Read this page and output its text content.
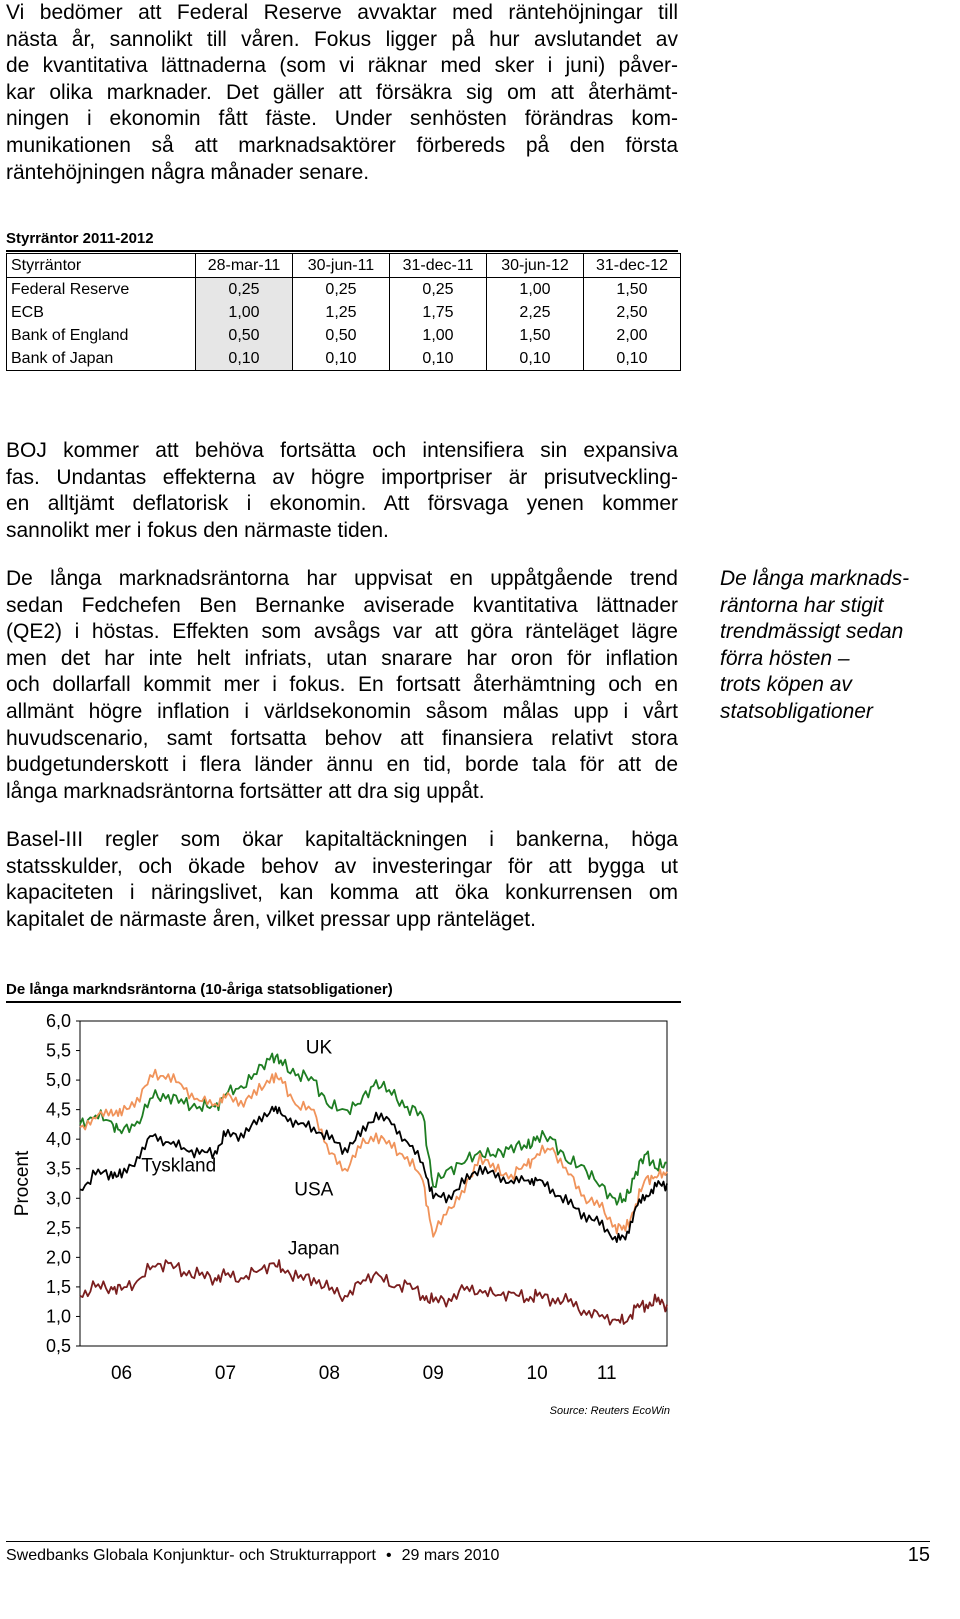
Vi bedömer att Federal Reserve avvaktar med räntehöjningar till
nästa år, sannolikt till våren. Fokus ligger på hur avslutandet av
de kvantitativa lättnaderna (som vi räknar med sker i juni) påver-
kar olika marknader. Det gäller att försäkra sig om att återhämt-
ningen i ekonomin fått fäste. Under senhösten förändras kom-
munikationen så att marknadsaktörer förbereds på den första
räntehöjningen några månader senare.
Styrräntor 2011-2012
Styrräntor	28-mar-11	30-jun-11	31-dec-11	30-jun-12	31-dec-12
Federal Reserve	0,25	0,25	0,25	1,00	1,50
ECB	1,00	1,25	1,75	2,25	2,50
Bank of England	0,50	0,50	1,00	1,50	2,00
Bank of Japan	0,10	0,10	0,10	0,10	0,10
BOJ kommer att behöva fortsätta och intensifiera sin expansiva
fas. Undantas effekterna av högre importpriser är prisutveckling-
en alltjämt deflatorisk i ekonomin. Att försvaga yenen kommer
sannolikt mer i fokus den närmaste tiden.
De långa marknadsräntorna har uppvisat en uppåtgående trend
sedan Fedchefen Ben Bernanke aviserade kvantitativa lättnader
(QE2) i höstas. Effekten som avsågs var att göra ränteläget lägre
men det har inte helt infriats, utan snarare har oron för inflation
och dollarfall kommit mer i fokus. En fortsatt återhämtning och en
allmänt högre inflation i världsekonomin såsom målas upp i vårt
huvudscenario, samt fortsatta behov att finansiera relativt stora
budgetunderskott i flera länder ännu en tid, borde tala för att de
långa marknadsräntorna fortsätter att dra sig uppåt.
De långa marknads-
räntorna har stigit
trendmässigt sedan
förra hösten –
trots köpen av
statsobligationer
Basel-III regler som ökar kapitaltäckningen i bankerna, höga
statsskulder, och ökade behov av investeringar för att bygga ut
kapaciteten i näringslivet, kan komma att öka konkurrensen om
kapitalet de närmaste åren, vilket pressar upp ränteläget.
De långa markndsräntorna (10-åriga statsobligationer)
6,0
5,5
5,0
4,5
4,0
3,5
3,0
2,5
2,0
1,5
1,0
0,5
06	07	08	09	10	11
Procent
UK
Tyskland
USA
Japan
Source: Reuters EcoWin
Swedbanks Globala Konjunktur- och Strukturrapport • 29 mars 2010	15
